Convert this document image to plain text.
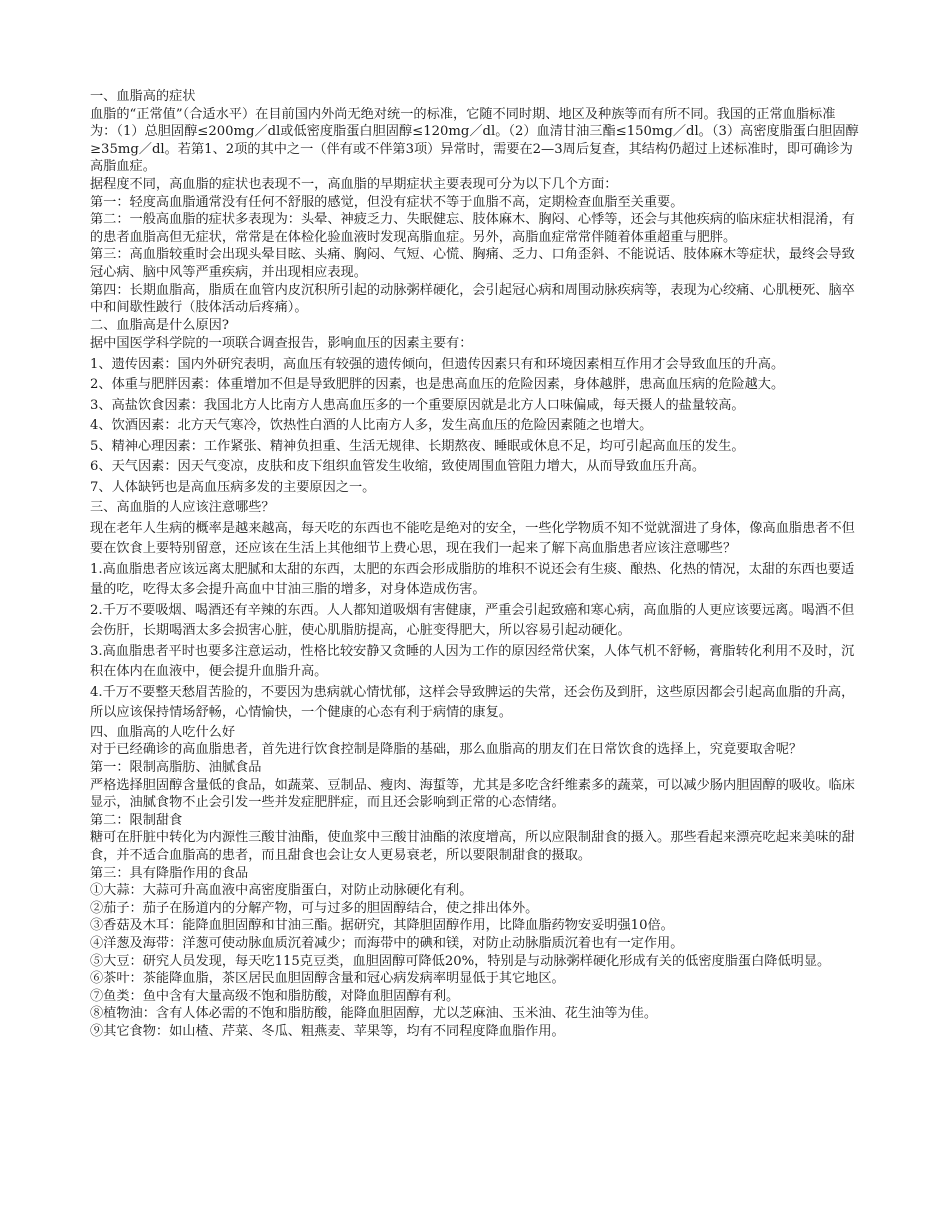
一、血脂高的症状

血脂的“正常值”（合适水平）在目前国内外尚无绝对统一的标准，它随不同时期、地区及种族等而有所不同。我国的正常血脂标准为：（1）总胆固醇≤200mg／dl或低密度脂蛋白胆固醇≤120mg／dl。（2）血清甘油三酯≤150mg／dl。（3）高密度脂蛋白胆固醇≥35mg／dl。若第1、2项的其中之一（伴有或不伴第3项）异常时，需要在2—3周后复查，其结构仍超过上述标准时，即可确诊为高脂血症。

据程度不同，高血脂的症状也表现不一，高血脂的早期症状主要表现可分为以下几个方面：

第一：轻度高血脂通常没有任何不舒服的感觉，但没有症状不等于血脂不高，定期检查血脂至关重要。

第二：一般高血脂的症状多表现为：头晕、神疲乏力、失眠健忘、肢体麻木、胸闷、心悸等，还会与其他疾病的临床症状相混淆，有的患者血脂高但无症状，常常是在体检化验血液时发现高脂血症。另外，高脂血症常常伴随着体重超重与肥胖。

第三：高血脂较重时会出现头晕目眩、头痛、胸闷、气短、心慌、胸痛、乏力、口角歪斜、不能说话、肢体麻木等症状，最终会导致冠心病、脑中风等严重疾病，并出现相应表现。

第四：长期血脂高，脂质在血管内皮沉积所引起的动脉粥样硬化，会引起冠心病和周围动脉疾病等，表现为心绞痛、心肌梗死、脑卒中和间歇性跛行（肢体活动后疼痛）。

二、血脂高是什么原因?

据中国医学科学院的一项联合调查报告，影响血压的因素主要有：

1、遗传因素：国内外研究表明，高血压有较强的遗传倾向，但遗传因素只有和环境因素相互作用才会导致血压的升高。

2、体重与肥胖因素：体重增加不但是导致肥胖的因素，也是患高血压的危险因素，身体越胖，患高血压病的危险越大。

3、高盐饮食因素：我国北方人比南方人患高血压多的一个重要原因就是北方人口味偏咸，每天摄人的盐量较高。

4、饮酒因素：北方天气寒冷，饮热性白酒的人比南方人多，发生高血压的危险因素随之也增大。

5、精神心理因素：工作紧张、精神负担重、生活无规律、长期熬夜、睡眠或休息不足，均可引起高血压的发生。

6、天气因素：因天气变凉，皮肤和皮下组织血管发生收缩，致使周围血管阻力增大，从而导致血压升高。

7、人体缺钙也是高血压病多发的主要原因之一。

三、高血脂的人应该注意哪些？

现在老年人生病的概率是越来越高，每天吃的东西也不能吃是绝对的安全，一些化学物质不知不觉就溜进了身体，像高血脂患者不但要在饮食上要特别留意，还应该在生活上其他细节上费心思，现在我们一起来了解下高血脂患者应该注意哪些？

1.高血脂患者应该远离太肥腻和太甜的东西，太肥的东西会形成脂肪的堆积不说还会有生痰、酿热、化热的情况，太甜的东西也要适量的吃，吃得太多会提升高血中甘油三脂的增多，对身体造成伤害。

2.千万不要吸烟、喝酒还有辛辣的东西。人人都知道吸烟有害健康，严重会引起致癌和寒心病，高血脂的人更应该要远离。喝酒不但会伤肝，长期喝酒太多会损害心脏，使心肌脂肪提高，心脏变得肥大，所以容易引起动硬化。

3.高血脂患者平时也要多注意运动，性格比较安静又贪睡的人因为工作的原因经常伏案，人体气机不舒畅，膏脂转化利用不及时，沉积在体内在血液中，便会提升血脂升高。

4.千万不要整天愁眉苦脸的，不要因为患病就心情忧郁，这样会导致脾运的失常，还会伤及到肝，这些原因都会引起高血脂的升高，所以应该保持情场舒畅，心情愉快，一个健康的心态有利于病情的康复。

四、血脂高的人吃什么好

对于已经确诊的高血脂患者，首先进行饮食控制是降脂的基础，那么血脂高的朋友们在日常饮食的选择上，究竟要取舍呢？

第一：限制高脂肪、油腻食品

严格选择胆固醇含量低的食品，如蔬菜、豆制品、瘦肉、海蜇等，尤其是多吃含纤维素多的蔬菜，可以减少肠内胆固醇的吸收。临床显示，油腻食物不止会引发一些并发症肥胖症，而且还会影响到正常的心态情绪。

第二：限制甜食

糖可在肝脏中转化为内源性三酸甘油酯，使血浆中三酸甘油酯的浓度增高，所以应限制甜食的摄入。那些看起来漂亮吃起来美味的甜食，并不适合血脂高的患者，而且甜食也会让女人更易衰老，所以要限制甜食的摄取。

第三：具有降脂作用的食品

①大蒜：大蒜可升高血液中高密度脂蛋白，对防止动脉硬化有利。

②茄子：茄子在肠道内的分解产物，可与过多的胆固醇结合，使之排出体外。

③香菇及木耳：能降血胆固醇和甘油三酯。据研究，其降胆固醇作用，比降血脂药物安妥明强10倍。

④洋葱及海带：洋葱可使动脉血质沉着减少；而海带中的碘和镁，对防止动脉脂质沉着也有一定作用。

⑤大豆：研究人员发现，每天吃115克豆类，血胆固醇可降低20%，特别是与动脉粥样硬化形成有关的低密度脂蛋白降低明显。

⑥茶叶：茶能降血脂，茶区居民血胆固醇含量和冠心病发病率明显低于其它地区。

⑦鱼类：鱼中含有大量高级不饱和脂肪酸，对降血胆固醇有利。

⑧植物油：含有人体必需的不饱和脂肪酸，能降血胆固醇，尤以芝麻油、玉米油、花生油等为佳。

⑨其它食物：如山楂、芹菜、冬瓜、粗燕麦、苹果等，均有不同程度降血脂作用。
